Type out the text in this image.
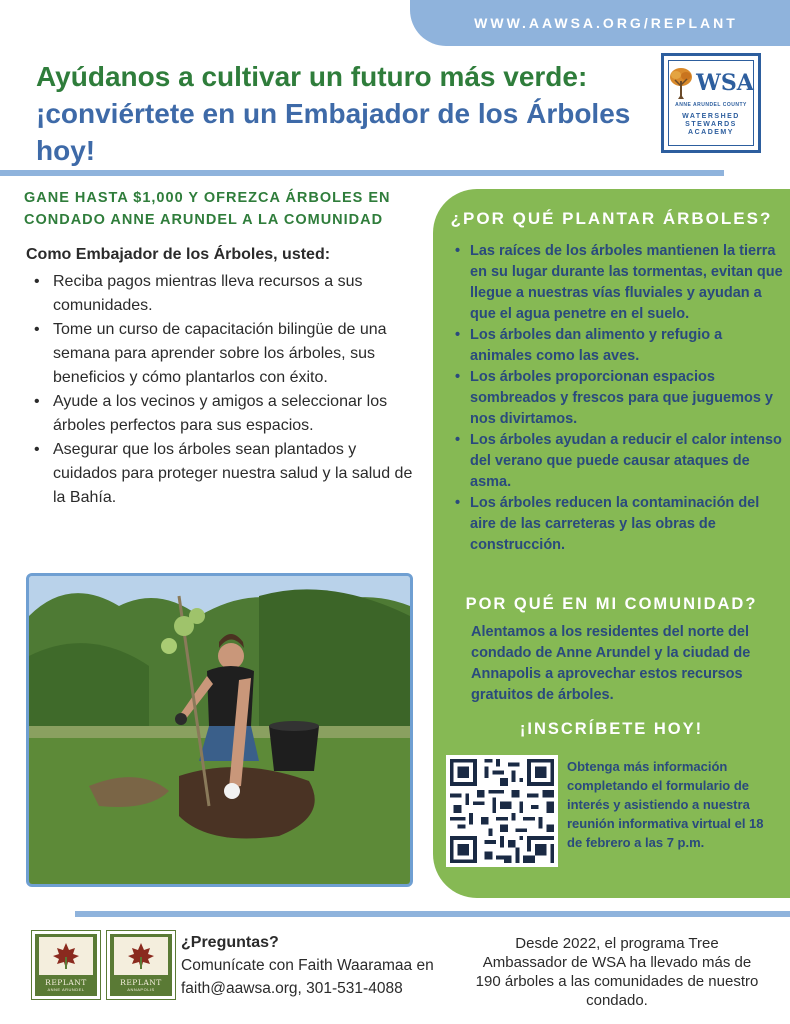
WWW.AAWSA.ORG/REPLANT
Ayúdanos a cultivar un futuro más verde:
¡conviértete en un Embajador de los Árboles hoy!
WSA
ANNE ARUNDEL COUNTY
WATERSHED
STEWARDS
ACADEMY
GANE HASTA $1,000 Y OFREZCA ÁRBOLES EN CONDADO ANNE ARUNDEL A LA COMUNIDAD
Como Embajador de los Árboles, usted:
• Reciba pagos mientras lleva recursos a sus comunidades.
• Tome un curso de capacitación bilingüe de una semana para aprender sobre los árboles, sus beneficios y cómo plantarlos con éxito.
• Ayude a los vecinos y amigos a seleccionar los árboles perfectos para sus espacios.
• Asegurar que los árboles sean plantados y cuidados para proteger nuestra salud y la salud de la Bahía.
¿POR QUÉ PLANTAR ÁRBOLES?
• Las raíces de los árboles mantienen la tierra en su lugar durante las tormentas, evitan que llegue a nuestras vías fluviales y ayudan a que el agua penetre en el suelo.
• Los árboles dan alimento y refugio a animales como las aves.
• Los árboles proporcionan espacios sombreados y frescos para que juguemos y nos divirtamos.
• Los árboles ayudan a reducir el calor intenso del verano que puede causar ataques de asma.
• Los árboles reducen la contaminación del aire de las carreteras y las obras de construcción.
POR QUÉ EN MI COMUNIDAD?

Alentamos a los residentes del norte del condado de Anne Arundel y la ciudad de Annapolis a aprovechar estos recursos gratuitos de árboles.

¡INSCRÍBETE HOY!

Obtenga más información completando el formulario de interés y asistiendo a nuestra reunión informativa virtual el 18 de febrero a las 7 p.m.

REPLANT
ANNE ARUNDEL
REPLANT
ANNAPOLIS
¿Preguntas?
Comunícate con Faith Waaramaa en
faith@aawsa.org, 301-531-4088

Desde 2022, el programa Tree Ambassador de WSA ha llevado más de 190 árboles a las comunidades de nuestro condado.
